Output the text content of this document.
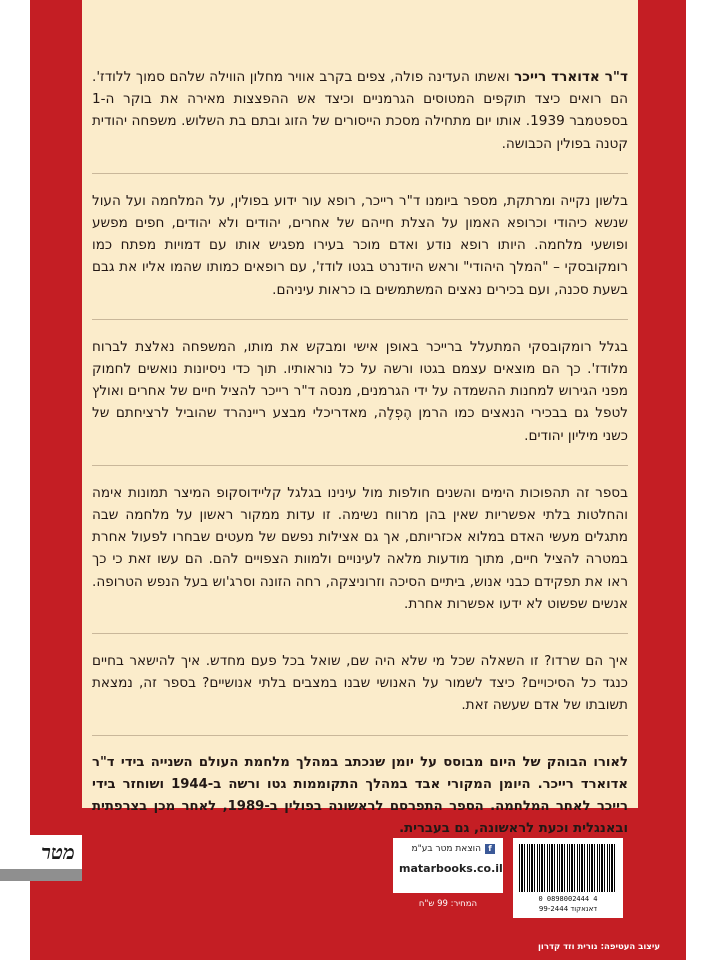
ד"ר אדוארד רייכר ואשתו העדינה פולה, צפים בקרב אוויר מחלון הווילה שלהם סמוך ללודז'. הם רואים כיצד תוקפים המטוסים הגרמניים וכיצד אש ההפצצות מאירה את בוקר ה-1 בספטמבר 1939. אותו יום מתחילה מסכת הייסורים של הזוג ובתם בת השלוש. משפחה יהודית קטנה בפולין הכבושה.

בלשון נקייה ומרתקת, מספר ביומנו ד"ר רייכר, רופא עור ידוע בפולין, על המלחמה ועל העול שנשא כיהודי וכרופא האמון על הצלת חייהם של אחרים, יהודים ולא יהודים, חפים מפשע ופושעי מלחמה. היותו רופא נודע ואדם מוכר בעירו מפגיש אותו עם דמויות מפתח כמו רומקובסקי – "המלך היהודי" וראש היודנרט בגטו לודז', עם רופאים כמותו שהמו אליו את גבם בשעת סכנה, ועם בכירים נאצים המשתמשים בו כראות עיניהם.

בגלל רומקובסקי המתעלל ברייכר באופן אישי ומבקש את מותו, המשפחה נאלצת לברוח מלודז'. כך הם מוצאים עצמם בגטו ורשה על כל נוראותיו. תוך כדי ניסיונות נואשים לחמוק מפני הגירוש למחנות ההשמדה על ידי הגרמנים, מנסה ד"ר רייכר להציל חיים של אחרים ואולץ לטפל גם בבכירי הנאצים כמו הרמן הֶפְלֶה, מאדריכלי מבצע ריינהרד שהוביל לרציחתם של כשני מיליון יהודים.

בספר זה תהפוכות הימים והשנים חולפות מול עינינו בגלגל קליידוסקופ המיצר תמונות אימה והחלטות בלתי אפשריות שאין בהן מרווח נשימה. זו עדות ממקור ראשון על מלחמה שבה מתגלים מעשי האדם במלוא אכזריותם, אך גם אצילות נפשם של מעטים שבחרו לפעול אחרת במטרה להציל חיים, מתוך מודעות מלאה לעינויים ולמוות הצפויים להם. הם עשו זאת כי כך ראו את תפקידם כבני אנוש, ביתיים הסיכה וזרוניצקה, רחה הזונה וסרג'וש בעל הנפש הטרופה. אנשים שפשוט לא ידעו אפשרות אחרת.

איך הם שרדו? זו השאלה שכל מי שלא היה שם, שואל בכל פעם מחדש. איך להישאר בחיים כנגד כל הסיכויים? כיצד לשמור על האנושי שבנו במצבים בלתי אנושיים? בספר זה, נמצאת תשובתו של אדם שעשה זאת.

לאורו הבוהק של היום מבוסס על יומן שנכתב במהלך מלחמת העולם השנייה בידי ד"ר אדוארד רייכר. היומן המקורי אבד במהלך התקוממות גטו ורשה ב-1944 ושוחזר בידי רייכר לאחר המלחמה. הספר התפרסם לראשונה בפולין ב-1989, לאחר מכן בצרפתית ובאנגלית וכעת לראשונה, גם בעברית.

מטר	f
הוצאת מטר בע"מ
matarbooks.co.il
המחיר: 99 ש"ח	0 0898002444 4
דאנאקוד 99-2444
עיצוב העטיפה: נורית וזד קדרון
